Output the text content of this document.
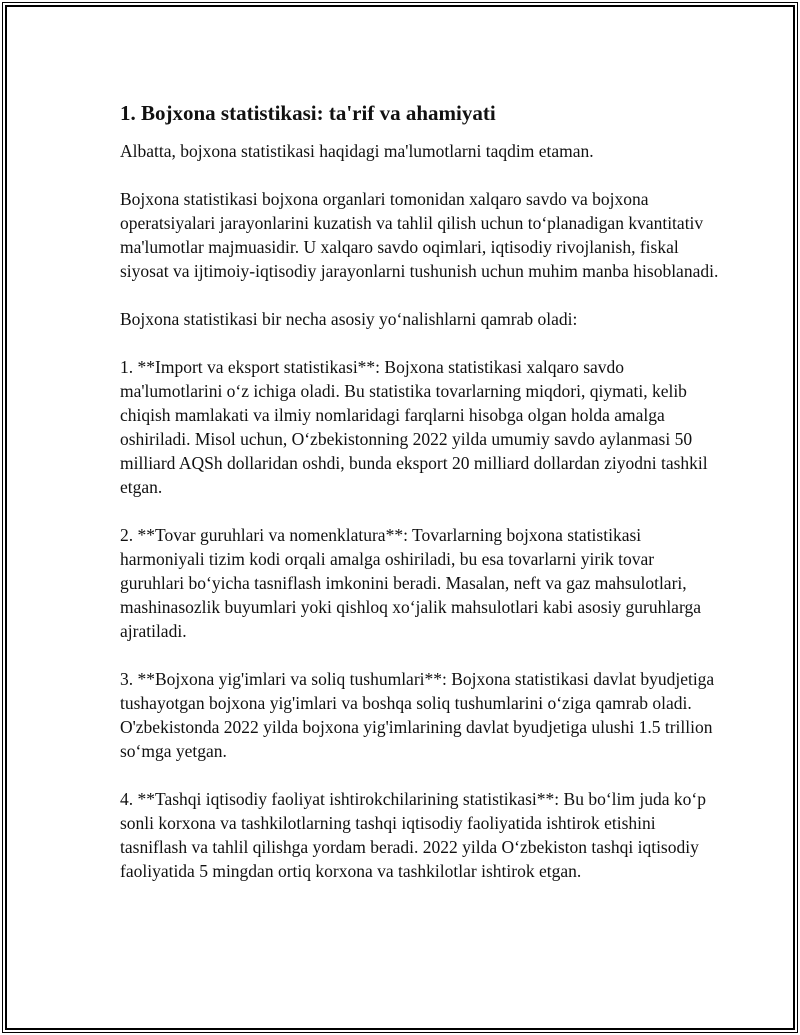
1. Bojxona statistikasi: ta'rif va ahamiyati

Albatta, bojxona statistikasi haqidagi ma'lumotlarni taqdim etaman.

Bojxona statistikasi bojxona organlari tomonidan xalqaro savdo va bojxona operatsiyalari jarayonlarini kuzatish va tahlil qilish uchun to‘planadigan kvantitativ ma'lumotlar majmuasidir. U xalqaro savdo oqimlari, iqtisodiy rivojlanish, fiskal siyosat va ijtimoiy-iqtisodiy jarayonlarni tushunish uchun muhim manba hisoblanadi.

Bojxona statistikasi bir necha asosiy yo‘nalishlarni qamrab oladi:

1. **Import va eksport statistikasi**: Bojxona statistikasi xalqaro savdo ma'lumotlarini o‘z ichiga oladi. Bu statistika tovarlarning miqdori, qiymati, kelib chiqish mamlakati va ilmiy nomlaridagi farqlarni hisobga olgan holda amalga oshiriladi. Misol uchun, O‘zbekistonning 2022 yilda umumiy savdo aylanmasi 50 milliard AQSh dollaridan oshdi, bunda eksport 20 milliard dollardan ziyodni tashkil etgan.

2. **Tovar guruhlari va nomenklatura**: Tovarlarning bojxona statistikasi harmoniyali tizim kodi orqali amalga oshiriladi, bu esa tovarlarni yirik tovar guruhlari bo‘yicha tasniflash imkonini beradi. Masalan, neft va gaz mahsulotlari, mashinasozlik buyumlari yoki qishloq xo‘jalik mahsulotlari kabi asosiy guruhlarga ajratiladi.

3. **Bojxona yig'imlari va soliq tushumlari**: Bojxona statistikasi davlat byudjetiga tushayotgan bojxona yig'imlari va boshqa soliq tushumlarini o‘ziga qamrab oladi. O'zbekistonda 2022 yilda bojxona yig'imlarining davlat byudjetiga ulushi 1.5 trillion so‘mga yetgan.

4. **Tashqi iqtisodiy faoliyat ishtirokchilarining statistikasi**: Bu bo‘lim juda ko‘p sonli korxona va tashkilotlarning tashqi iqtisodiy faoliyatida ishtirok etishini tasniflash va tahlil qilishga yordam beradi. 2022 yilda O‘zbekiston tashqi iqtisodiy faoliyatida 5 mingdan ortiq korxona va tashkilotlar ishtirok etgan.
